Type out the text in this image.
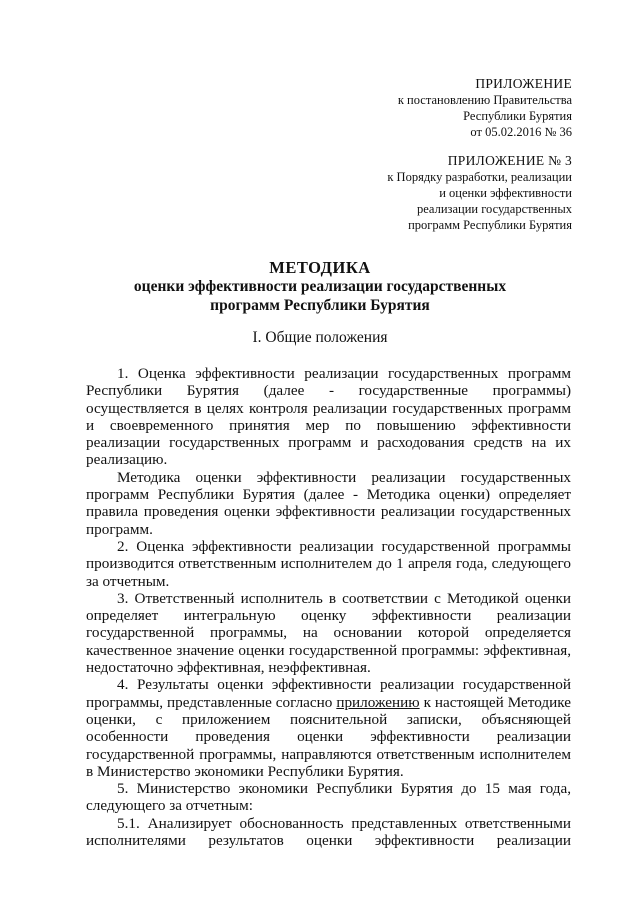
ПРИЛОЖЕНИЕ
к постановлению Правительства
Республики Бурятия
от 05.02.2016 № 36
ПРИЛОЖЕНИЕ № 3
к Порядку разработки, реализации
и оценки эффективности
реализации государственных
программ Республики Бурятия
МЕТОДИКА
оценки эффективности реализации государственных
программ Республики Бурятия
I. Общие положения

1. Оценка эффективности реализации государственных программ Республики Бурятия (далее - государственные программы) осуществляется в целях контроля реализации государственных программ и своевременного принятия мер по повышению эффективности реализации государственных программ и расходования средств на их реализацию.

Методика оценки эффективности реализации государственных программ Республики Бурятия (далее - Методика оценки) определяет правила проведения оценки эффективности реализации государственных программ.

2. Оценка эффективности реализации государственной программы производится ответственным исполнителем до 1 апреля года, следующего за отчетным.

3. Ответственный исполнитель в соответствии с Методикой оценки определяет интегральную оценку эффективности реализации государственной программы, на основании которой определяется качественное значение оценки государственной программы: эффективная, недостаточно эффективная, неэффективная.

4. Результаты оценки эффективности реализации государственной программы, представленные согласно приложению к настоящей Методике оценки, с приложением пояснительной записки, объясняющей особенности проведения оценки эффективности реализации государственной программы, направляются ответственным исполнителем в Министерство экономики Республики Бурятия.

5. Министерство экономики Республики Бурятия до 15 мая года, следующего за отчетным:

5.1. Анализирует обоснованность представленных ответственными исполнителями результатов оценки эффективности реализации
